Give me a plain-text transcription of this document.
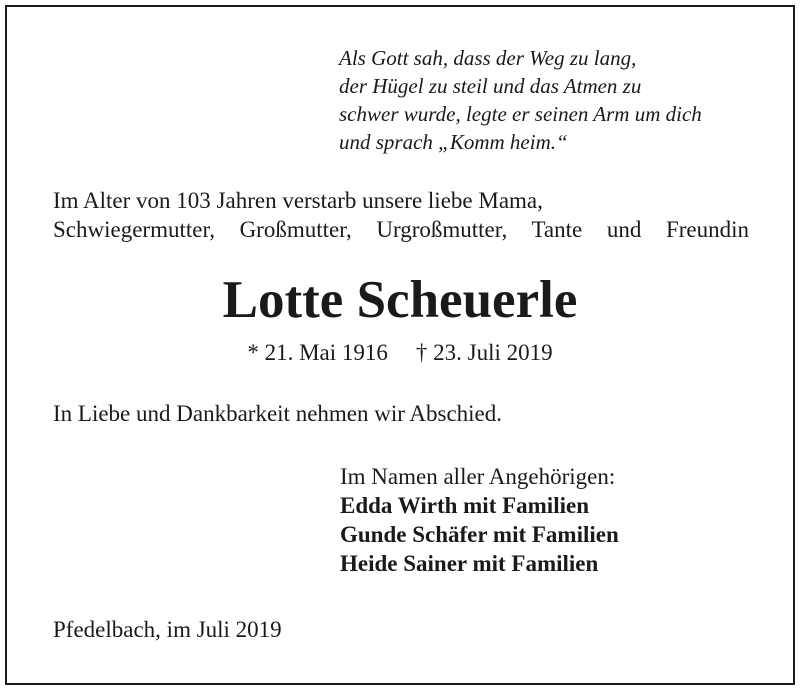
Als Gott sah, dass der Weg zu lang,
der Hügel zu steil und das Atmen zu
schwer wurde, legte er seinen Arm um dich
und sprach „Komm heim.“
Im Alter von 103 Jahren verstarb unsere liebe Mama,
Schwiegermutter, Großmutter, Urgroßmutter, Tante und Freundin
Lotte Scheuerle
* 21. Mai 1916 † 23. Juli 2019

In Liebe und Dankbarkeit nehmen wir Abschied.

Im Namen aller Angehörigen:
Edda Wirth mit Familien
Gunde Schäfer mit Familien
Heide Sainer mit Familien

Pfedelbach, im Juli 2019
